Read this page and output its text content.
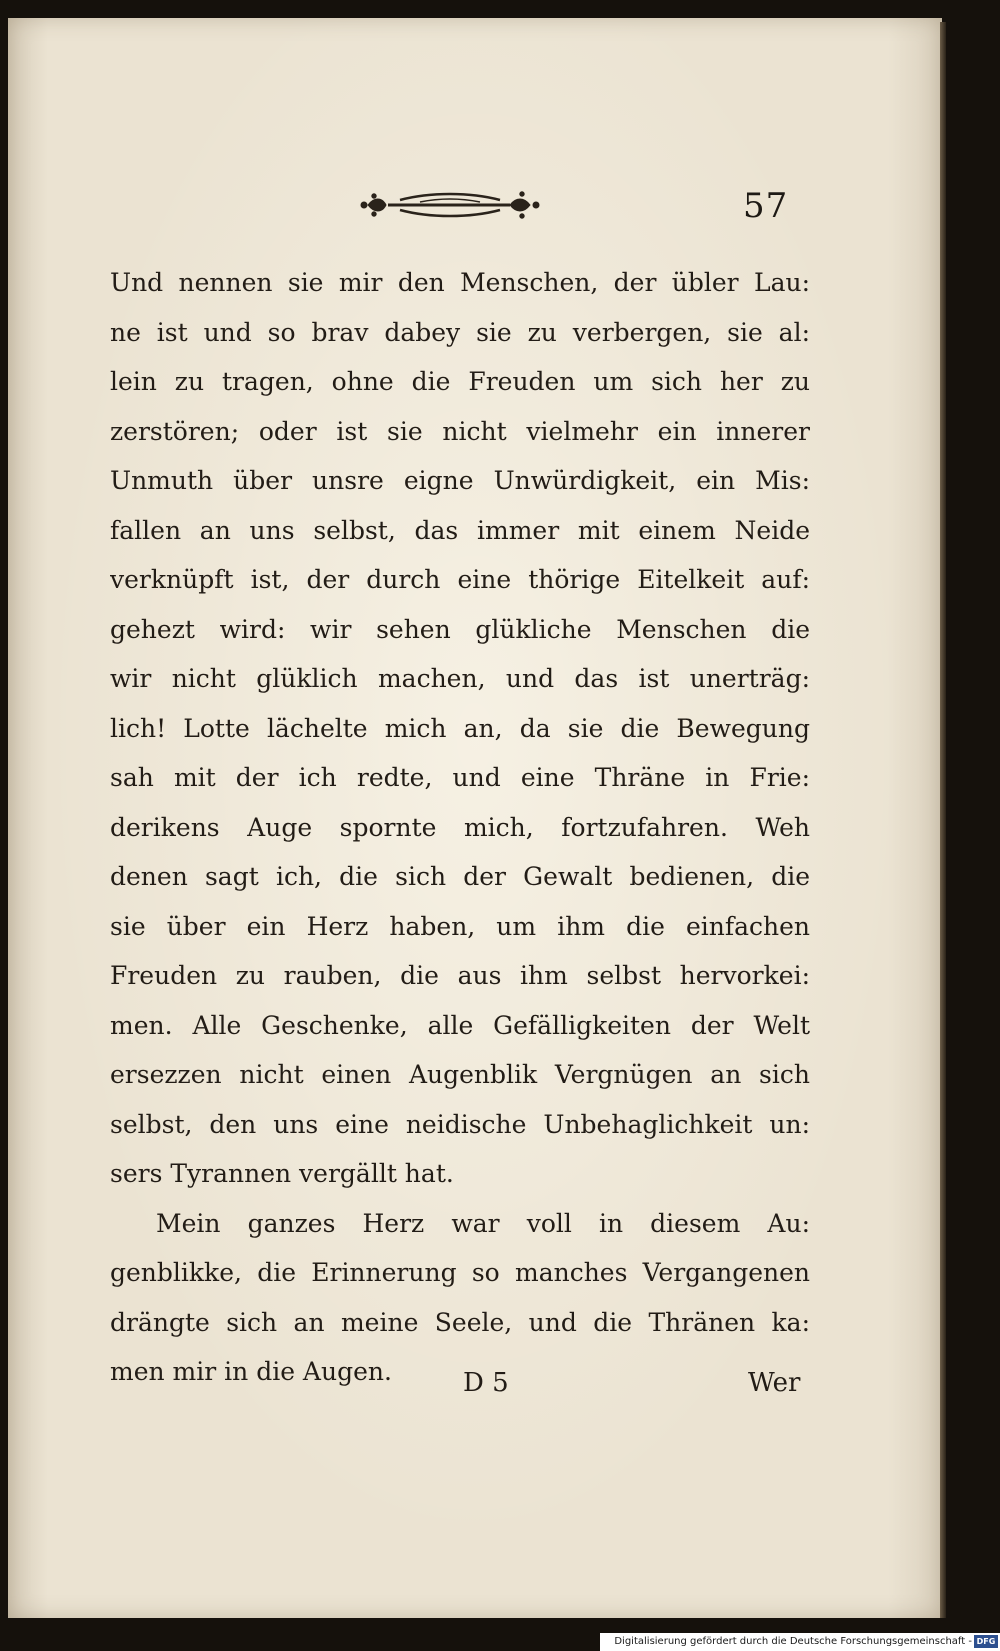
57
Und nennen sie mir den Menschen, der übler Lau:
ne ist und so brav dabey sie zu verbergen, sie al:
lein zu tragen, ohne die Freuden um sich her zu
zerstören; oder ist sie nicht vielmehr ein innerer
Unmuth über unsre eigne Unwürdigkeit, ein Mis:
fallen an uns selbst, das immer mit einem Neide
verknüpft ist, der durch eine thörige Eitelkeit auf:
gehezt wird: wir sehen glükliche Menschen die
wir nicht glüklich machen, und das ist unerträg:
lich! Lotte lächelte mich an, da sie die Bewegung
sah mit der ich redte, und eine Thräne in Frie:
derikens Auge spornte mich, fortzufahren. Weh
denen sagt ich, die sich der Gewalt bedienen, die
sie über ein Herz haben, um ihm die einfachen
Freuden zu rauben, die aus ihm selbst hervorkei:
men. Alle Geschenke, alle Gefälligkeiten der Welt
ersezzen nicht einen Augenblik Vergnügen an sich
selbst, den uns eine neidische Unbehaglichkeit un:
sers Tyrannen vergällt hat.
Mein ganzes Herz war voll in diesem Au:
genblikke, die Erinnerung so manches Vergangenen
drängte sich an meine Seele, und die Thränen ka:
men mir in die Augen.	D 5	Wer
Digitalisierung gefördert durch die Deutsche Forschungsgemeinschaft - DFG
